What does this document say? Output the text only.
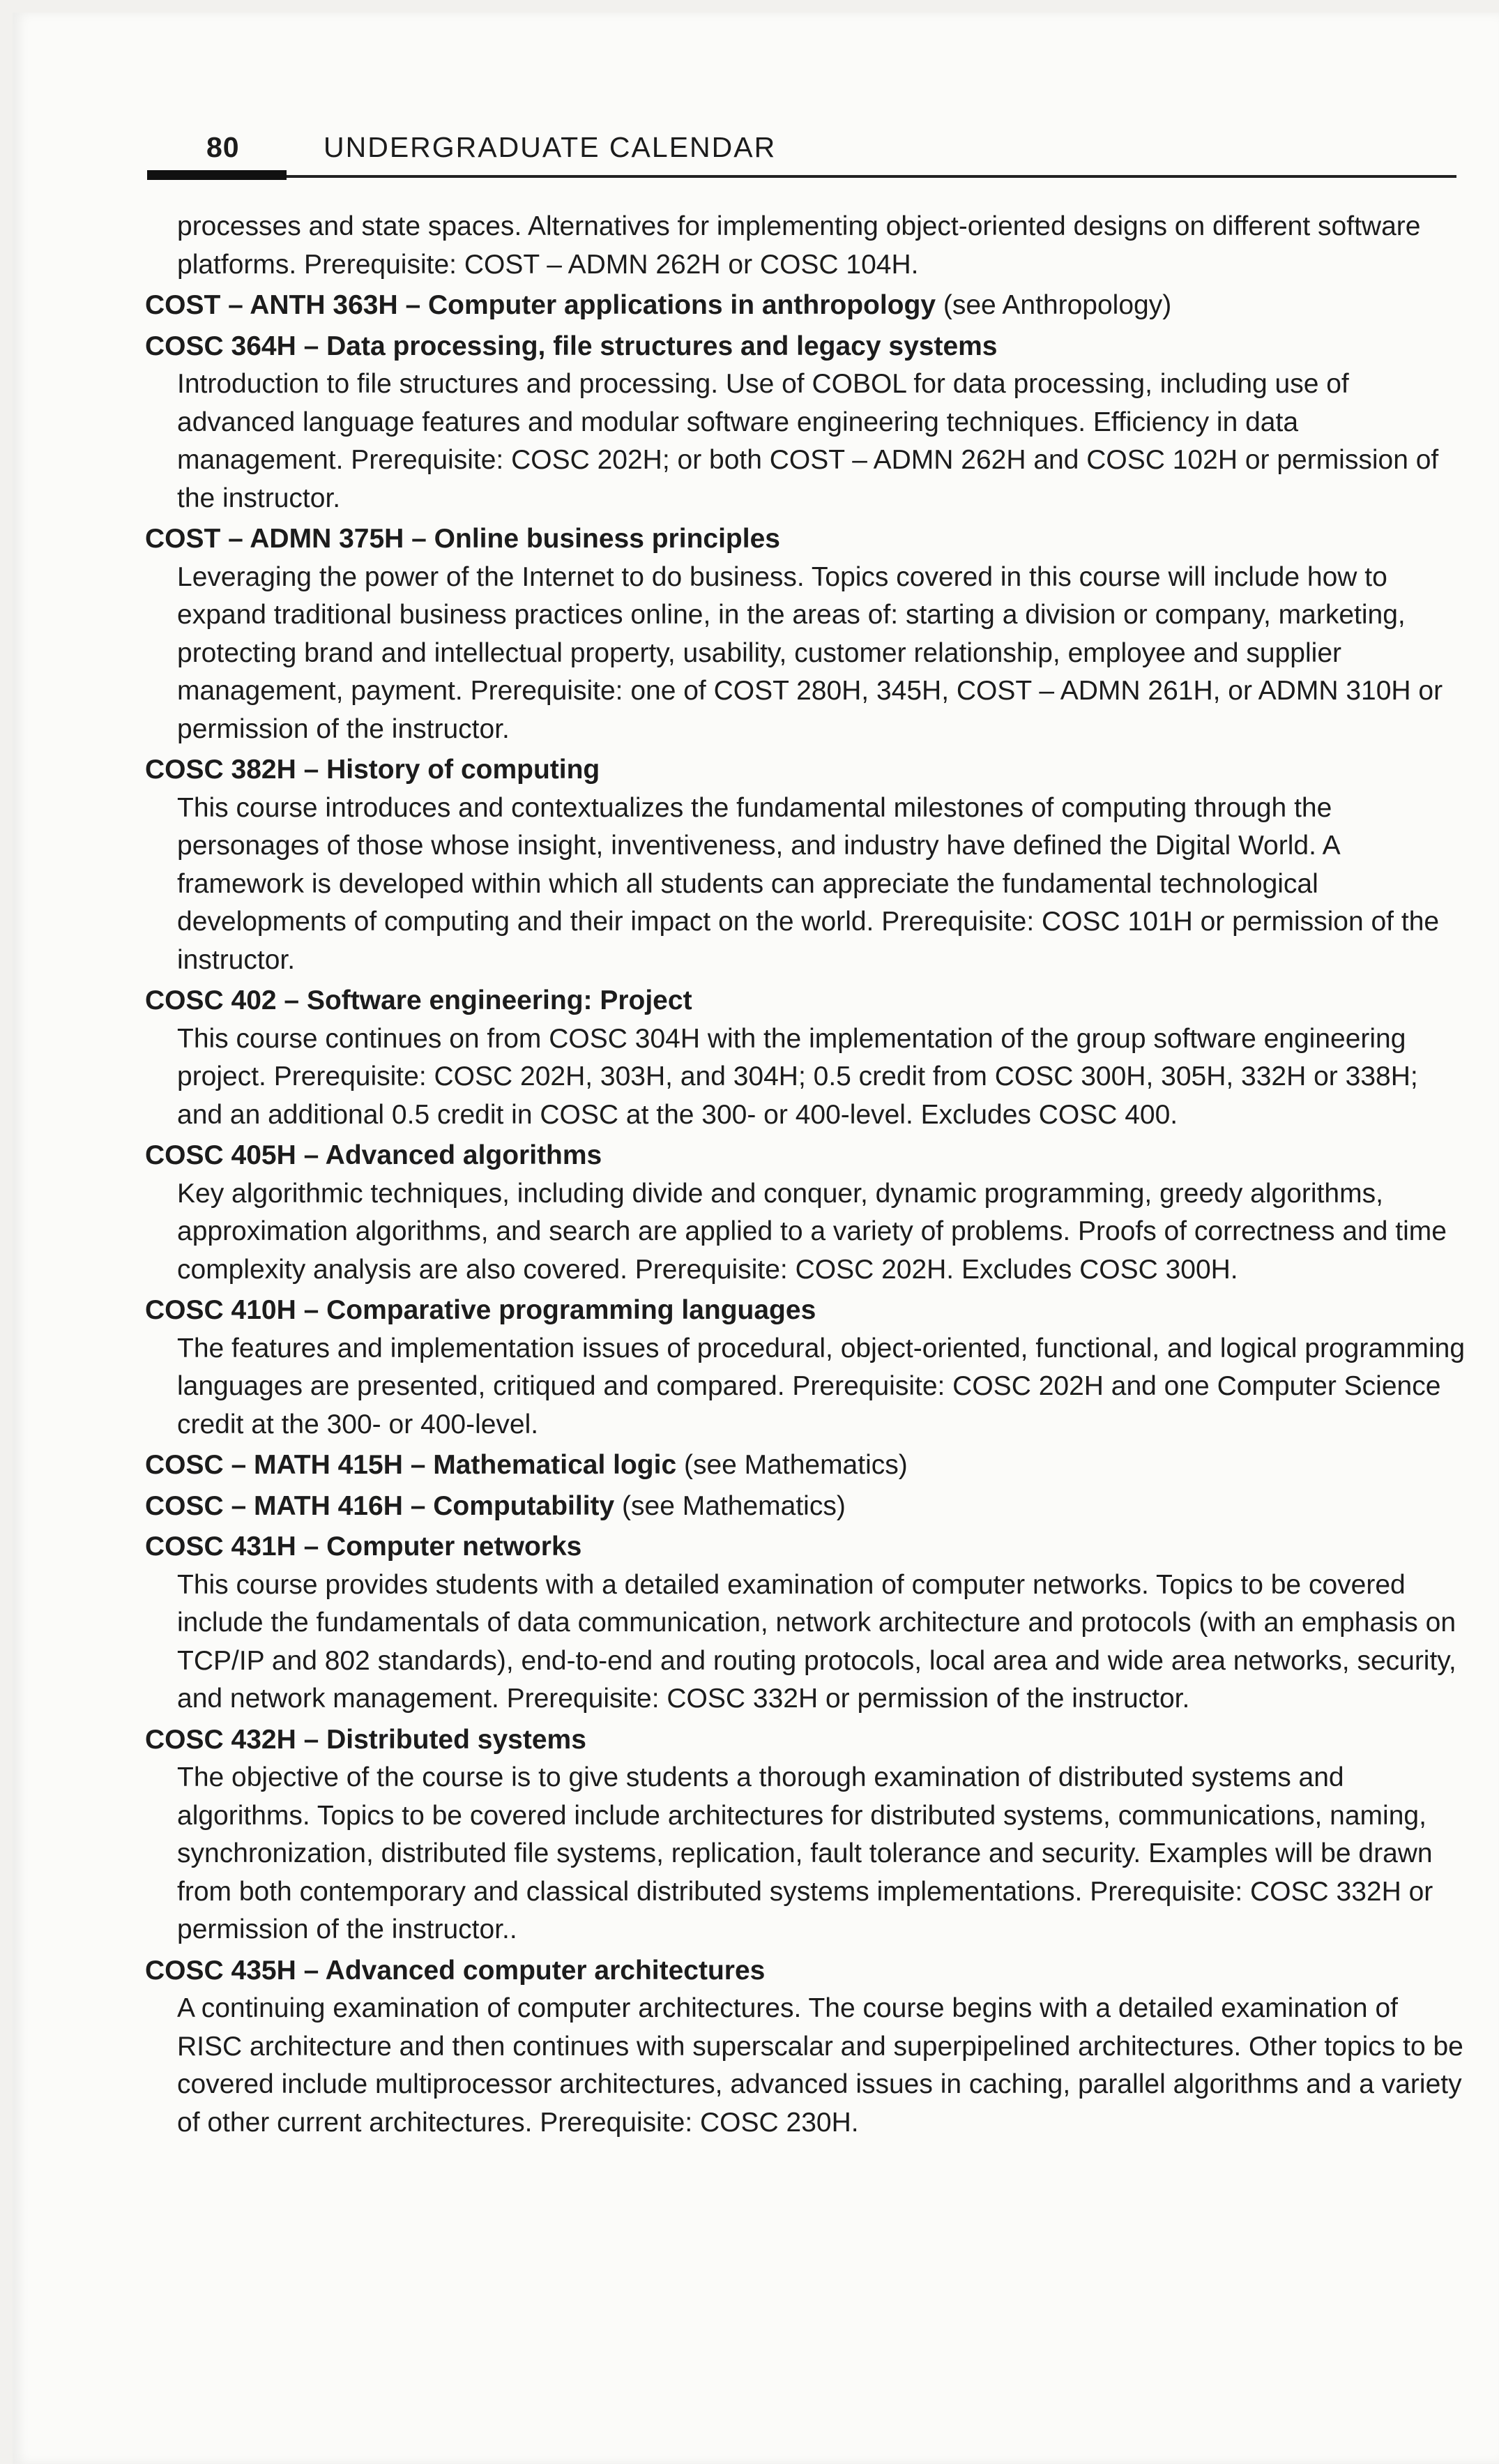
80	UNDERGRADUATE CALENDAR
processes and state spaces. Alternatives for implementing object-oriented designs on different software platforms. Prerequisite: COST – ADMN 262H or COSC 104H.
COST – ANTH 363H – Computer applications in anthropology (see Anthropology)
COSC 364H – Data processing, file structures and legacy systems
Introduction to file structures and processing. Use of COBOL for data processing, including use of advanced language features and modular software engineering techniques. Efficiency in data management. Prerequisite: COSC 202H; or both COST – ADMN 262H and COSC 102H or permission of the instructor.
COST – ADMN 375H – Online business principles
Leveraging the power of the Internet to do business. Topics covered in this course will include how to expand traditional business practices online, in the areas of: starting a division or company, marketing, protecting brand and intellectual property, usability, customer relationship, employee and supplier management, payment. Prerequisite: one of COST 280H, 345H, COST – ADMN 261H, or ADMN 310H or permission of the instructor.
COSC 382H – History of computing
This course introduces and contextualizes the fundamental milestones of computing through the personages of those whose insight, inventiveness, and industry have defined the Digital World. A framework is developed within which all students can appreciate the fundamental technological developments of computing and their impact on the world. Prerequisite: COSC 101H or permission of the instructor.
COSC 402 – Software engineering: Project
This course continues on from COSC 304H with the implementation of the group software engineering project. Prerequisite: COSC 202H, 303H, and 304H; 0.5 credit from COSC 300H, 305H, 332H or 338H; and an additional 0.5 credit in COSC at the 300- or 400-level. Excludes COSC 400.
COSC 405H – Advanced algorithms
Key algorithmic techniques, including divide and conquer, dynamic programming, greedy algorithms, approximation algorithms, and search are applied to a variety of problems. Proofs of correctness and time complexity analysis are also covered. Prerequisite: COSC 202H. Excludes COSC 300H.
COSC 410H – Comparative programming languages
The features and implementation issues of procedural, object-oriented, functional, and logical programming languages are presented, critiqued and compared. Prerequisite: COSC 202H and one Computer Science credit at the 300- or 400-level.
COSC – MATH 415H – Mathematical logic (see Mathematics)
COSC – MATH 416H – Computability (see Mathematics)
COSC 431H – Computer networks
This course provides students with a detailed examination of computer networks. Topics to be covered include the fundamentals of data communication, network architecture and protocols (with an emphasis on TCP/IP and 802 standards), end-to-end and routing protocols, local area and wide area networks, security, and network management. Prerequisite: COSC 332H or permission of the instructor.
COSC 432H – Distributed systems
The objective of the course is to give students a thorough examination of distributed systems and algorithms. Topics to be covered include architectures for distributed systems, communications, naming, synchronization, distributed file systems, replication, fault tolerance and security. Examples will be drawn from both contemporary and classical distributed systems implementations. Prerequisite: COSC 332H or permission of the instructor..
COSC 435H – Advanced computer architectures
A continuing examination of computer architectures. The course begins with a detailed examination of RISC architecture and then continues with superscalar and superpipelined architectures. Other topics to be covered include multiprocessor architectures, advanced issues in caching, parallel algorithms and a variety of other current architectures. Prerequisite: COSC 230H.
